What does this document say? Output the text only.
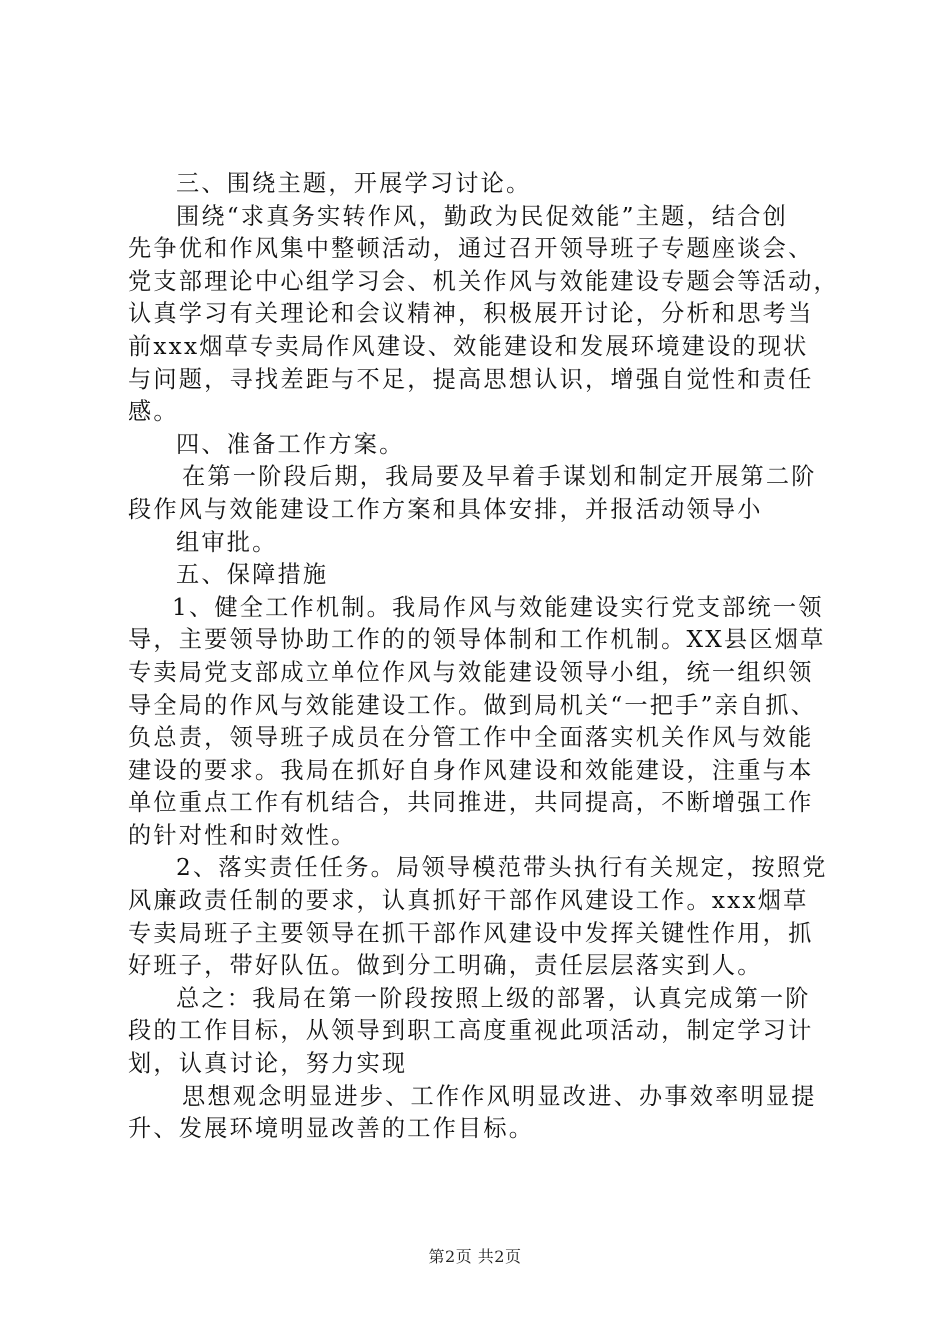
三、围绕主题，开展学习讨论。
围绕“求真务实转作风，勤政为民促效能”主题，结合创
先争优和作风集中整顿活动，通过召开领导班子专题座谈会、
党支部理论中心组学习会、机关作风与效能建设专题会等活动，
认真学习有关理论和会议精神，积极展开讨论，分析和思考当
前xxx烟草专卖局作风建设、效能建设和发展环境建设的现状
与问题，寻找差距与不足，提高思想认识，增强自觉性和责任
感。
四、准备工作方案。
在第一阶段后期，我局要及早着手谋划和制定开展第二阶
段作风与效能建设工作方案和具体安排，并报活动领导小
组审批。
五、保障措施
1、健全工作机制。我局作风与效能建设实行党支部统一领
导，主要领导协助工作的的领导体制和工作机制。XX县区烟草
专卖局党支部成立单位作风与效能建设领导小组，统一组织领
导全局的作风与效能建设工作。做到局机关“一把手”亲自抓、
负总责，领导班子成员在分管工作中全面落实机关作风与效能
建设的要求。我局在抓好自身作风建设和效能建设，注重与本
单位重点工作有机结合，共同推进，共同提高，不断增强工作
的针对性和时效性。
2、落实责任任务。局领导模范带头执行有关规定，按照党
风廉政责任制的要求，认真抓好干部作风建设工作。xxx烟草
专卖局班子主要领导在抓干部作风建设中发挥关键性作用，抓
好班子，带好队伍。做到分工明确，责任层层落实到人。
总之：我局在第一阶段按照上级的部署，认真完成第一阶
段的工作目标，从领导到职工高度重视此项活动，制定学习计
划，认真讨论，努力实现
思想观念明显进步、工作作风明显改进、办事效率明显提
升、发展环境明显改善的工作目标。
第2页 共2页
